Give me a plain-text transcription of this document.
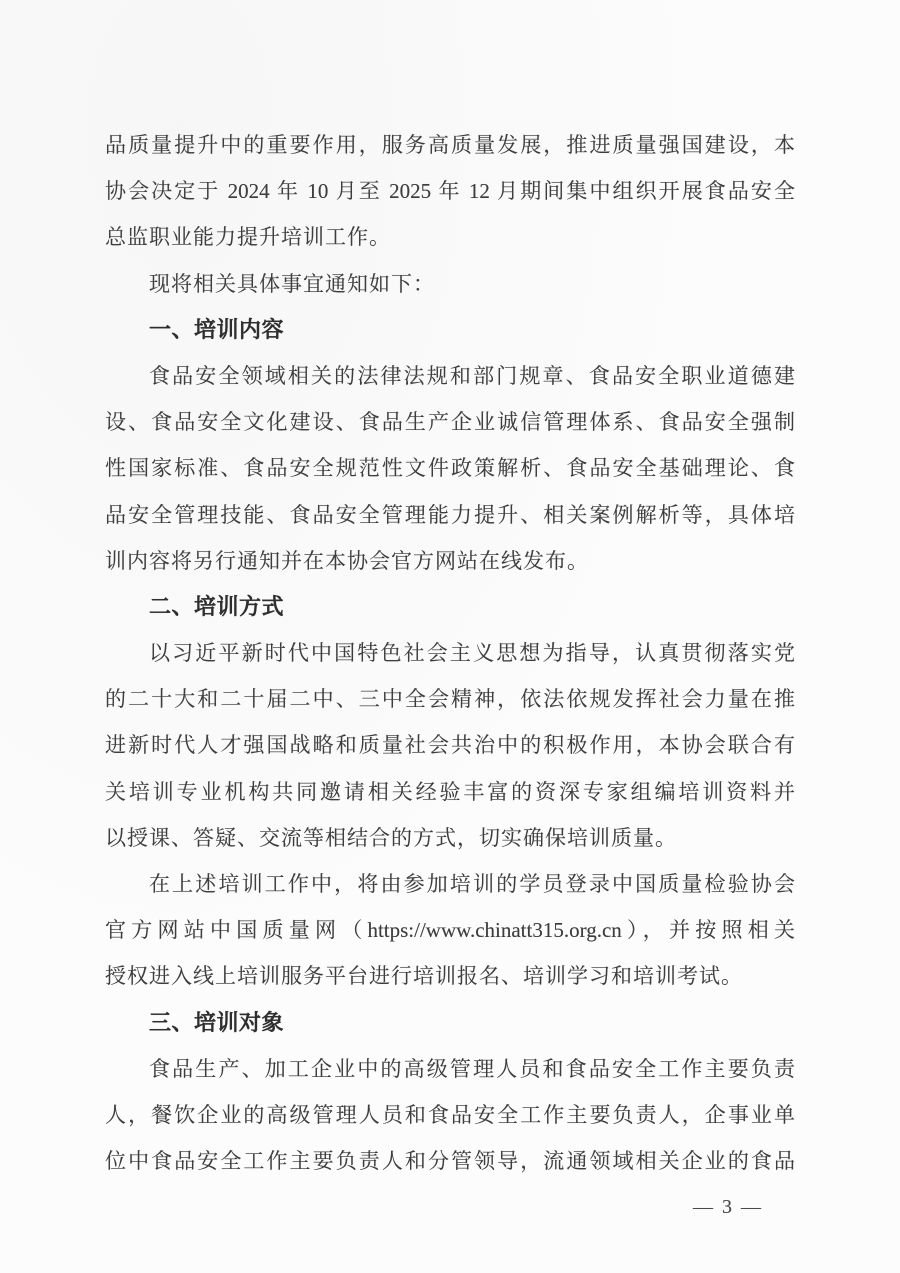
品质量提升中的重要作用，服务高质量发展，推进质量强国建设，本
协会决定于 2024 年 10 月至 2025 年 12 月期间集中组织开展食品安全
总监职业能力提升培训工作。
现将相关具体事宜通知如下：
一、培训内容
食品安全领域相关的法律法规和部门规章、食品安全职业道德建
设、食品安全文化建设、食品生产企业诚信管理体系、食品安全强制
性国家标准、食品安全规范性文件政策解析、食品安全基础理论、食
品安全管理技能、食品安全管理能力提升、相关案例解析等，具体培
训内容将另行通知并在本协会官方网站在线发布。
二、培训方式
以习近平新时代中国特色社会主义思想为指导，认真贯彻落实党
的二十大和二十届二中、三中全会精神，依法依规发挥社会力量在推
进新时代人才强国战略和质量社会共治中的积极作用，本协会联合有
关培训专业机构共同邀请相关经验丰富的资深专家组编培训资料并
以授课、答疑、交流等相结合的方式，切实确保培训质量。
在上述培训工作中，将由参加培训的学员登录中国质量检验协会
官方网站中国质量网（https://www.chinatt315.org.cn），并按照相关
授权进入线上培训服务平台进行培训报名、培训学习和培训考试。
三、培训对象
食品生产、加工企业中的高级管理人员和食品安全工作主要负责
人，餐饮企业的高级管理人员和食品安全工作主要负责人，企事业单
位中食品安全工作主要负责人和分管领导，流通领域相关企业的食品
— 3 —
